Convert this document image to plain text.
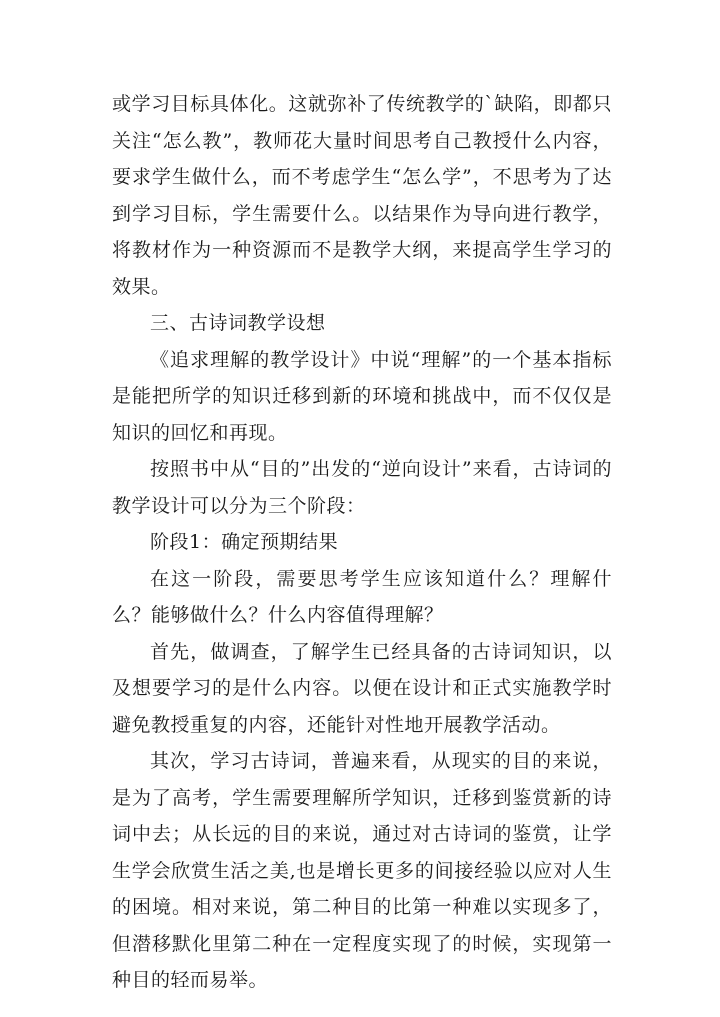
或学习目标具体化。这就弥补了传统教学的`缺陷，即都只关注“怎么教”，教师花大量时间思考自己教授什么内容，要求学生做什么，而不考虑学生“怎么学”，不思考为了达到学习目标，学生需要什么。以结果作为导向进行教学，将教材作为一种资源而不是教学大纲，来提高学生学习的效果。

三、古诗词教学设想

《追求理解的教学设计》中说“理解”的一个基本指标是能把所学的知识迁移到新的环境和挑战中，而不仅仅是知识的回忆和再现。

按照书中从“目的”出发的“逆向设计”来看，古诗词的教学设计可以分为三个阶段：

阶段1：确定预期结果

在这一阶段，需要思考学生应该知道什么？理解什么？能够做什么？什么内容值得理解？

首先，做调查，了解学生已经具备的古诗词知识，以及想要学习的是什么内容。以便在设计和正式实施教学时避免教授重复的内容，还能针对性地开展教学活动。

其次，学习古诗词，普遍来看，从现实的目的来说，是为了高考，学生需要理解所学知识，迁移到鉴赏新的诗词中去；从长远的目的来说，通过对古诗词的鉴赏，让学生学会欣赏生活之美,也是增长更多的间接经验以应对人生的困境。相对来说，第二种目的比第一种难以实现多了，但潜移默化里第二种在一定程度实现了的时候，实现第一种目的轻而易举。
